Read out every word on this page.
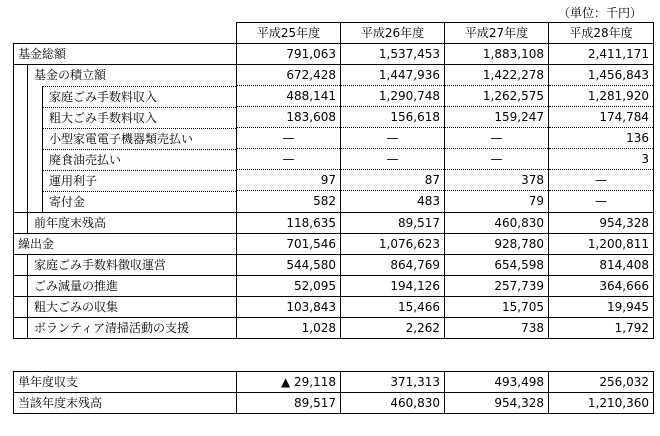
（単位：千円）
	平成25年度	平成26年度	平成27年度	平成28年度

基金総額	791,063	1,537,453	1,883,108	2,411,171

基金の積立額	672,428	1,447,936	1,422,278	1,456,843

家庭ごみ手数料収入	488,141	1,290,748	1,262,575	1,281,920

粗大ごみ手数料収入	183,608	156,618	159,247	174,784

小型家電電子機器類売払い	—	—	—	136

廃食油売払い	—	—	—	3

運用利子	97	87	378	—

寄付金	582	483	79	—

前年度末残高	118,635	89,517	460,830	954,328

繰出金	701,546	1,076,623	928,780	1,200,811

家庭ごみ手数料徴収運営	544,580	864,769	654,598	814,408

ごみ減量の推進	52,095	194,126	257,739	364,666

粗大ごみの収集	103,843	15,466	15,705	19,945

ボランティア清掃活動の支援	1,028	2,262	738	1,792
単年度収支	▲ 29,118	371,313	493,498	256,032

当該年度末残高	89,517	460,830	954,328	1,210,360
